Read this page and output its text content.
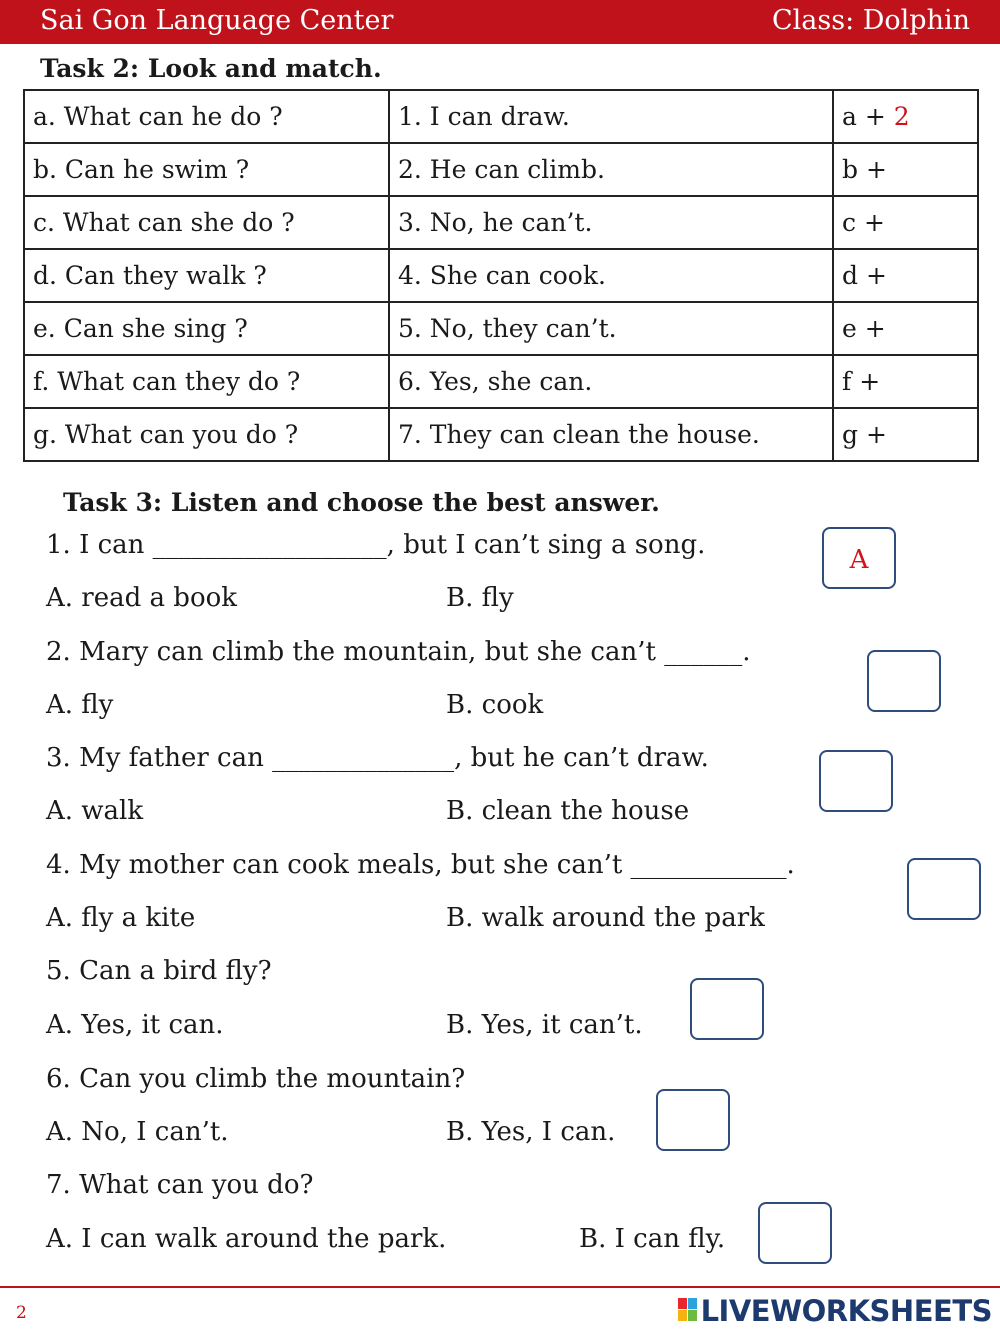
Sai Gon Language Center	Class: Dolphin
Task 2: Look and match.
a. What can he do ?	1. I can draw.	a + 2
b. Can he swim ?	2. He can climb.	b +
c. What can she do ?	3. No, he can’t.	c +
d. Can they walk ?	4. She can cook.	d +
e. Can she sing ?	5. No, they can’t.	e +
f. What can they do ?	6. Yes, she can.	f +
g. What can you do ?	7. They can clean the house.	g +
Task 3: Listen and choose the best answer.
1. I can __________________, but I can’t sing a song.
A. read a book	B. fly
A
2. Mary can climb the mountain, but she can’t ______.
A. fly	B. cook
3. My father can ______________, but he can’t draw.
A. walk	B. clean the house
4. My mother can cook meals, but she can’t ____________.
A. fly a kite	B. walk around the park
5. Can a bird fly?
A. Yes, it can.	B. Yes, it can’t.
6. Can you climb the mountain?
A. No, I can’t.	B. Yes, I can.
7. What can you do?
A. I can walk around the park.	B. I can fly.
2	LIVEWORKSHEETS
